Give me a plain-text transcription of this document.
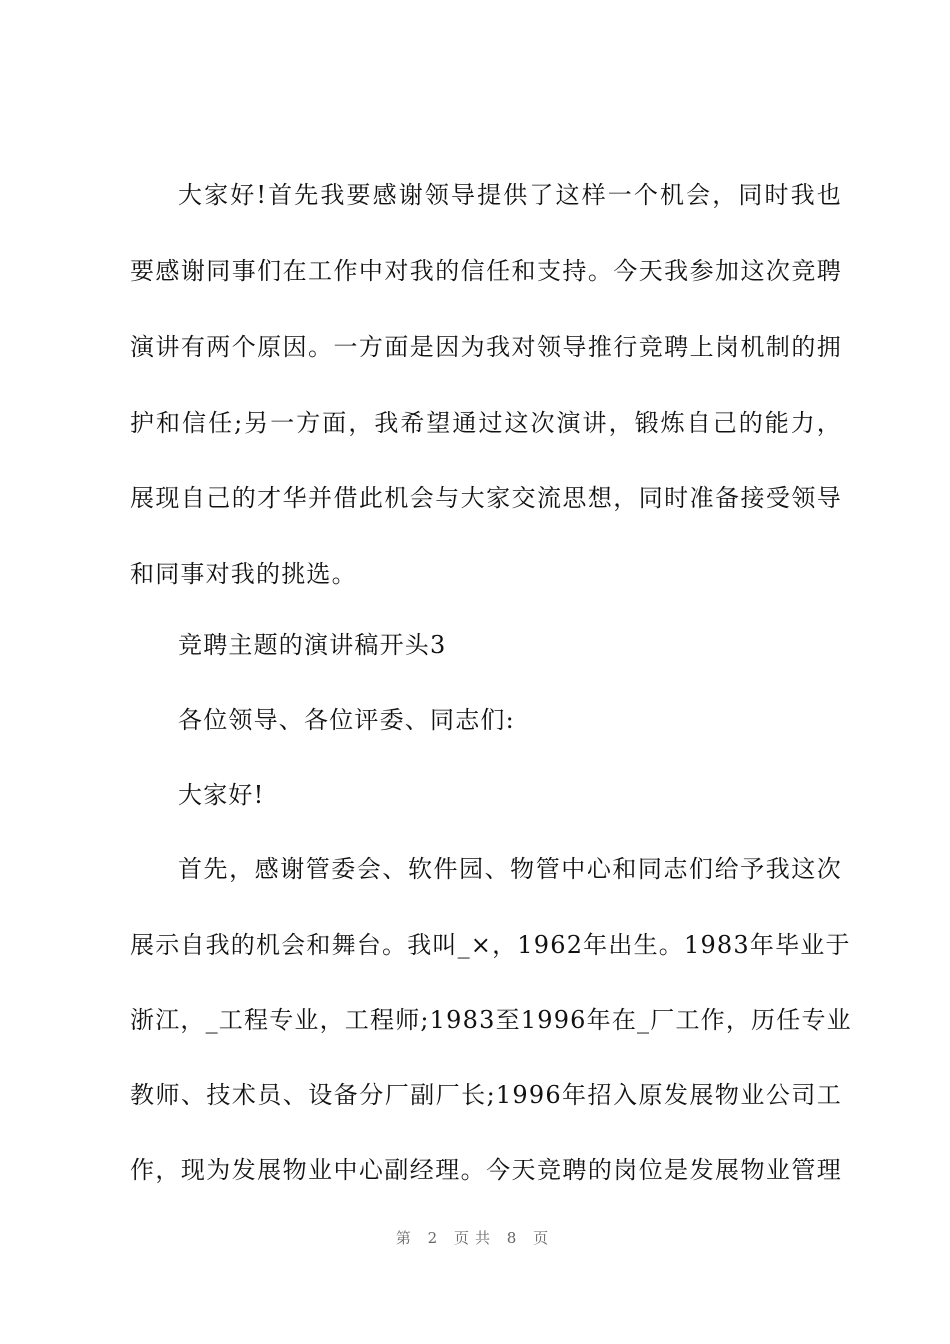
大家好!首先我要感谢领导提供了这样一个机会，同时我也
要感谢同事们在工作中对我的信任和支持。今天我参加这次竞聘
演讲有两个原因。一方面是因为我对领导推行竞聘上岗机制的拥
护和信任;另一方面，我希望通过这次演讲，锻炼自己的能力，
展现自己的才华并借此机会与大家交流思想，同时准备接受领导
和同事对我的挑选。
竞聘主题的演讲稿开头3
各位领导、各位评委、同志们:
大家好!
首先，感谢管委会、软件园、物管中心和同志们给予我这次
展示自我的机会和舞台。我叫_×，1962年出生。1983年毕业于
浙江，_工程专业，工程师;1983至1996年在_厂工作，历任专业
教师、技术员、设备分厂副厂长;1996年招入原发展物业公司工
作，现为发展物业中心副经理。今天竞聘的岗位是发展物业管理
第 2 页共 8 页
